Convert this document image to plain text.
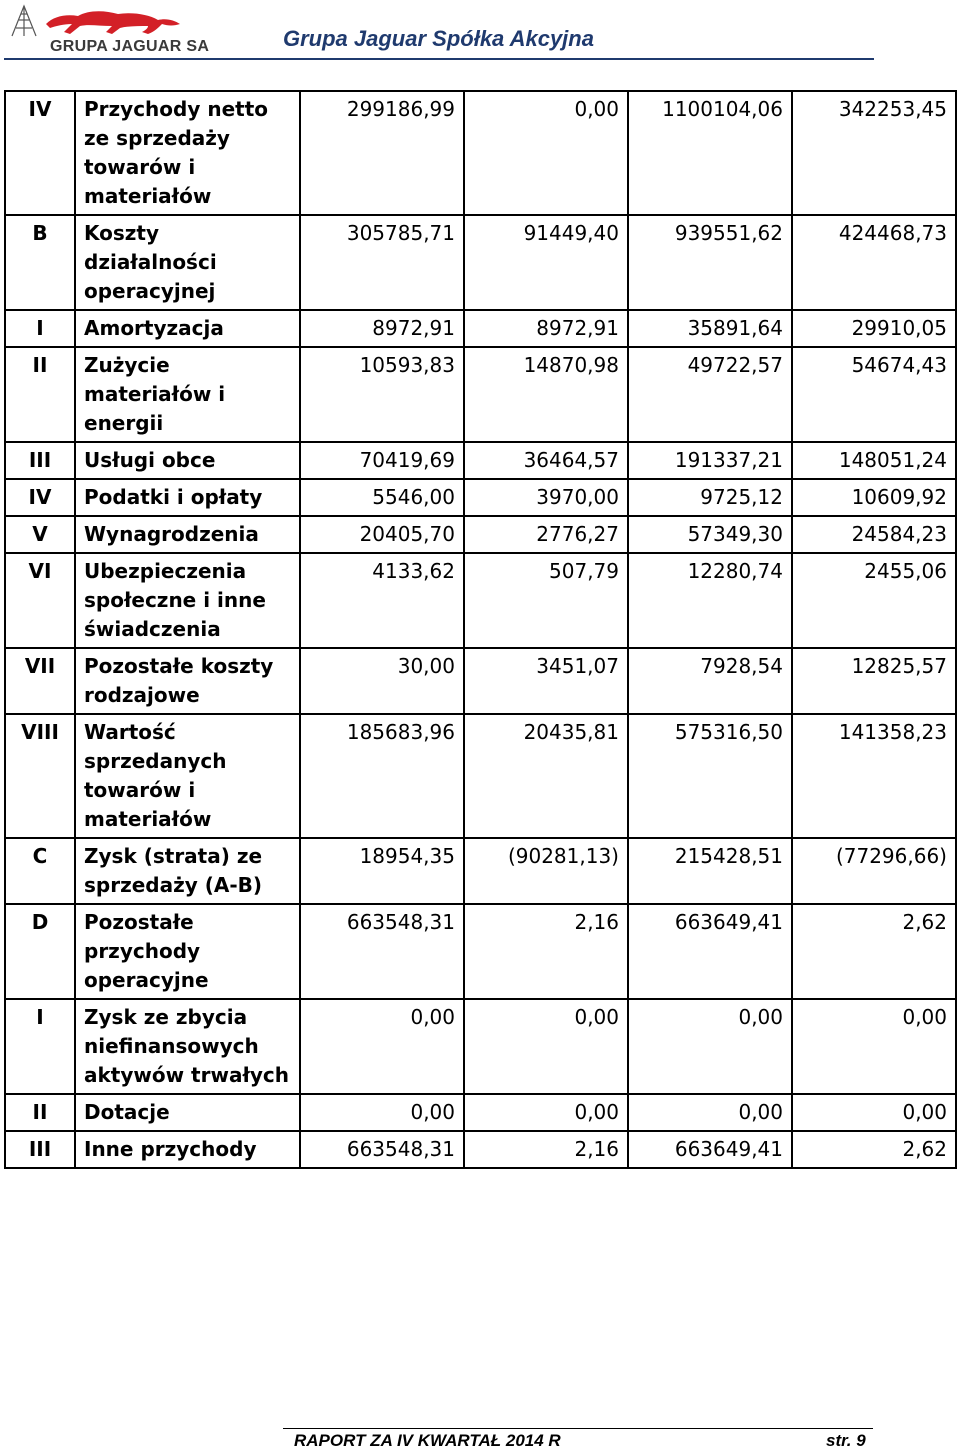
GRUPA JAGUAR SA	Grupa Jaguar Spółka Akcyjna
IV	Przychody netto ze sprzedaży towarów i materiałów	299186,99	0,00	1100104,06	342253,45
B	Koszty działalności operacyjnej	305785,71	91449,40	939551,62	424468,73
I	Amortyzacja	8972,91	8972,91	35891,64	29910,05
II	Zużycie materiałów i energii	10593,83	14870,98	49722,57	54674,43
III	Usługi obce	70419,69	36464,57	191337,21	148051,24
IV	Podatki i opłaty	5546,00	3970,00	9725,12	10609,92
V	Wynagrodzenia	20405,70	2776,27	57349,30	24584,23
VI	Ubezpieczenia społeczne i inne świadczenia	4133,62	507,79	12280,74	2455,06
VII	Pozostałe koszty rodzajowe	30,00	3451,07	7928,54	12825,57
VIII	Wartość sprzedanych towarów i materiałów	185683,96	20435,81	575316,50	141358,23
C	Zysk (strata) ze sprzedaży (A-B)	18954,35	(90281,13)	215428,51	(77296,66)
D	Pozostałe przychody operacyjne	663548,31	2,16	663649,41	2,62
I	Zysk ze zbycia niefinansowych aktywów trwałych	0,00	0,00	0,00	0,00
II	Dotacje	0,00	0,00	0,00	0,00
III	Inne przychody	663548,31	2,16	663649,41	2,62
RAPORT ZA IV KWARTAŁ 2014 R	str. 9
